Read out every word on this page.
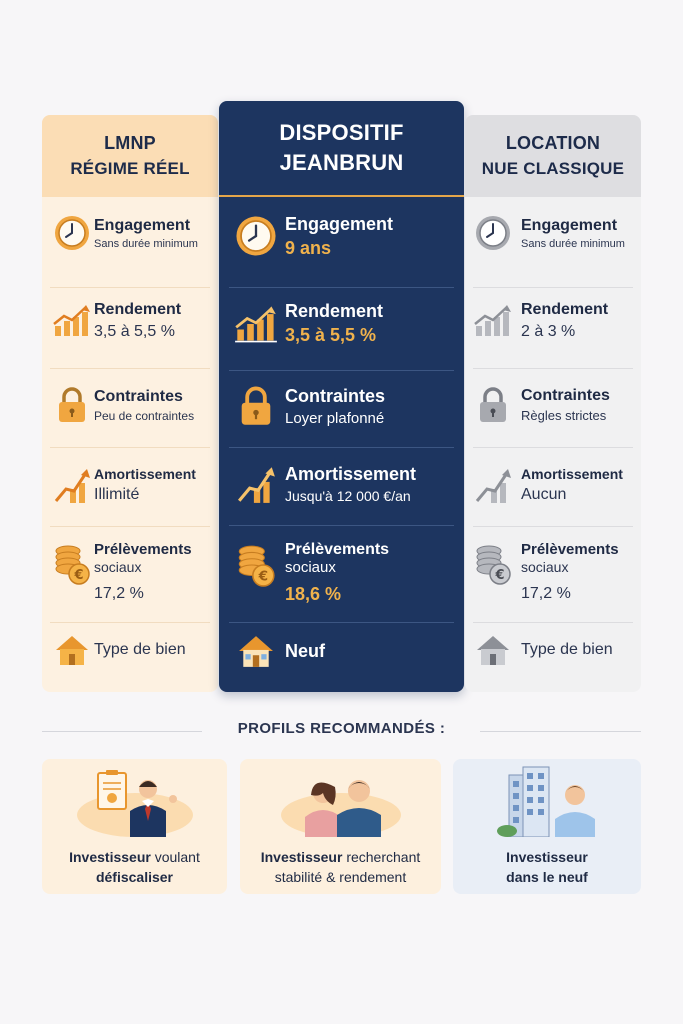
LMNP
RÉGIME RÉEL
Engagement
Sans durée minimum
Rendement
3,5 à 5,5 %
Contraintes
Peu de contraintes
Amortissement
Illimité
€
Prélèvements
sociaux
17,2 %
Type de bien
DISPOSITIF
JEANBRUN
Engagement
9 ans
Rendement
3,5 à 5,5 %
Contraintes
Loyer plafonné
Amortissement
Jusqu'à 12 000 €/an
€
Prélèvements
sociaux
18,6 %
Neuf
LOCATION
NUE CLASSIQUE
Engagement
Sans durée minimum
Rendement
2 à 3 %
Contraintes
Règles strictes
Amortissement
Aucun
€
Prélèvements
sociaux
17,2 %
Type de bien
PROFILS RECOMMANDÉS :
Investisseur voulant
défiscaliser
Investisseur recherchant
stabilité & rendement
Investisseur
dans le neuf
